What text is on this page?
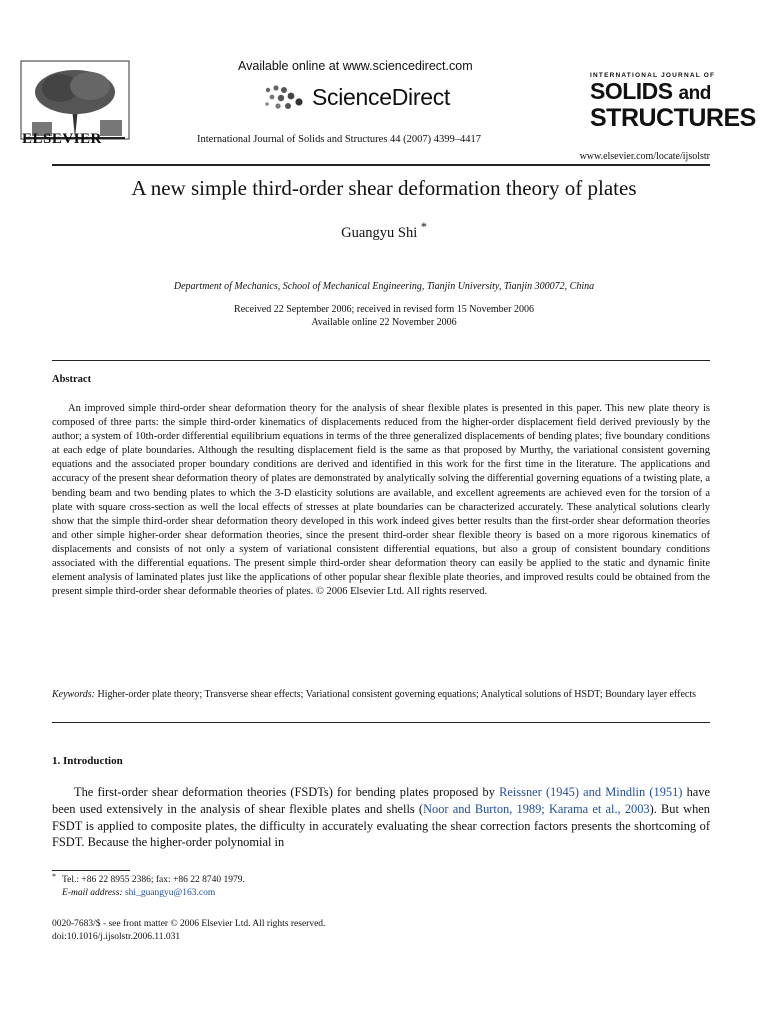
ELSEVIER
Available online at www.sciencedirect.com
ScienceDirect
International Journal of Solids and Structures 44 (2007) 4399–4417
INTERNATIONAL JOURNAL OF
SOLIDS and
STRUCTURES
www.elsevier.com/locate/ijsolstr
A new simple third-order shear deformation theory of plates
Guangyu Shi *
Department of Mechanics, School of Mechanical Engineering, Tianjin University, Tianjin 300072, China
Received 22 September 2006; received in revised form 15 November 2006
Available online 22 November 2006
Abstract

An improved simple third-order shear deformation theory for the analysis of shear flexible plates is presented in this paper. This new plate theory is composed of three parts: the simple third-order kinematics of displacements reduced from the higher-order displacement field derived previously by the author; a system of 10th-order differential equilibrium equations in terms of the three generalized displacements of bending plates; five boundary conditions at each edge of plate boundaries. Although the resulting displacement field is the same as that proposed by Murthy, the variational consistent governing equations and the associated proper boundary conditions are derived and identified in this work for the first time in the literature. The applications and accuracy of the present shear deformation theory of plates are demonstrated by analytically solving the differential governing equations of a twisting plate, a bending beam and two bending plates to which the 3-D elasticity solutions are available, and excellent agreements are achieved even for the torsion of a plate with square cross-section as well the local effects of stresses at plate boundaries can be characterized accurately. These analytical solutions clearly show that the simple third-order shear deformation theory developed in this work indeed gives better results than the first-order shear deformation theories and other simple higher-order shear deformation theories, since the present third-order shear flexible theory is based on a more rigorous kinematics of displacements and consists of not only a system of variational consistent differential equations, but also a group of consistent boundary conditions associated with the differential equations. The present simple third-order shear deformation theory can easily be applied to the static and dynamic finite element analysis of laminated plates just like the applications of other popular shear flexible plate theories, and improved results could be obtained from the present simple third-order shear deformable theories of plates. © 2006 Elsevier Ltd. All rights reserved.

Keywords: Higher-order plate theory; Transverse shear effects; Variational consistent governing equations; Analytical solutions of HSDT; Boundary layer effects
1. Introduction

The first-order shear deformation theories (FSDTs) for bending plates proposed by Reissner (1945) and Mindlin (1951) have been used extensively in the analysis of shear flexible plates and shells (Noor and Burton, 1989; Karama et al., 2003). But when FSDT is applied to composite plates, the difficulty in accurately evaluating the shear correction factors presents the shortcoming of FSDT. Because the higher-order polynomial in

* Tel.: +86 22 8955 2386; fax: +86 22 8740 1979.
E-mail address: shi_guangyu@163.com
0020-7683/$ - see front matter © 2006 Elsevier Ltd. All rights reserved.
doi:10.1016/j.ijsolstr.2006.11.031
